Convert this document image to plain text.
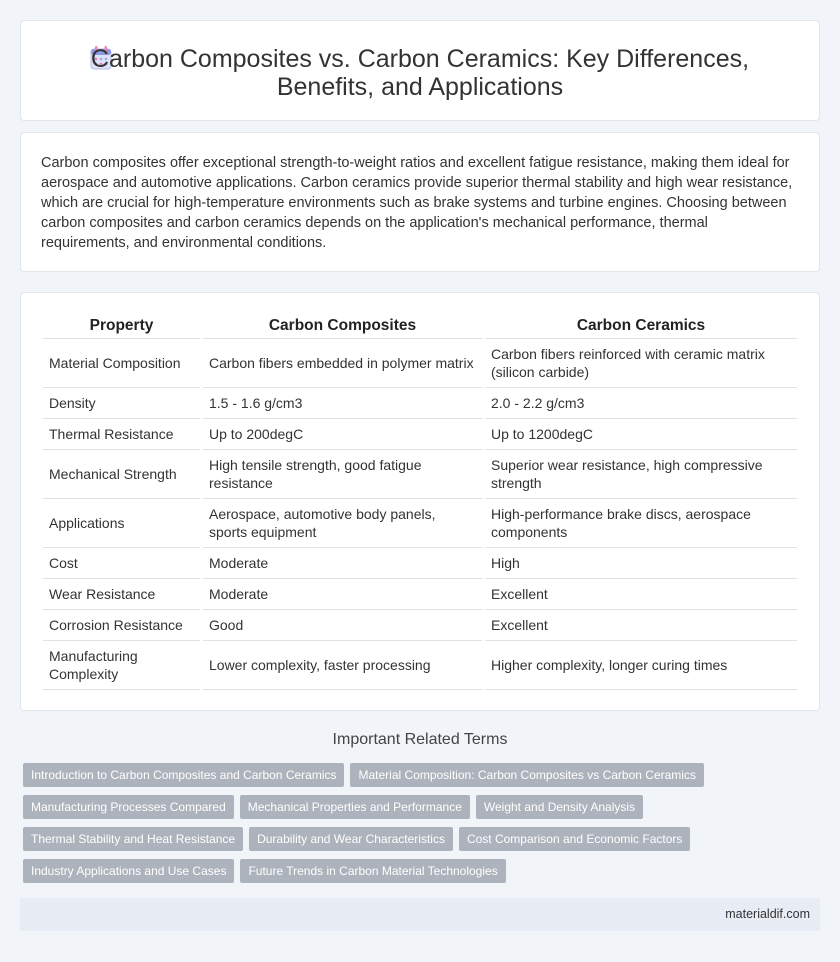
Carbon Composites vs. Carbon Ceramics: Key Differences,
Benefits, and Applications

Carbon composites offer exceptional strength-to-weight ratios and excellent fatigue resistance, making them ideal for aerospace and automotive applications. Carbon ceramics provide superior thermal stability and high wear resistance, which are crucial for high-temperature environments such as brake systems and turbine engines. Choosing between carbon composites and carbon ceramics depends on the application's mechanical performance, thermal requirements, and environmental conditions.

Property	Carbon Composites	Carbon Ceramics
Material Composition	Carbon fibers embedded in polymer matrix	Carbon fibers reinforced with ceramic matrix (silicon carbide)
Density	1.5 - 1.6 g/cm3	2.0 - 2.2 g/cm3
Thermal Resistance	Up to 200degC	Up to 1200degC
Mechanical Strength	High tensile strength, good fatigue resistance	Superior wear resistance, high compressive strength
Applications	Aerospace, automotive body panels, sports equipment	High-performance brake discs, aerospace components
Cost	Moderate	High
Wear Resistance	Moderate	Excellent
Corrosion Resistance	Good	Excellent
Manufacturing Complexity	Lower complexity, faster processing	Higher complexity, longer curing times
Important Related Terms
Introduction to Carbon Composites and Carbon Ceramics	Material Composition: Carbon Composites vs Carbon Ceramics
Manufacturing Processes Compared	Mechanical Properties and Performance	Weight and Density Analysis
Thermal Stability and Heat Resistance	Durability and Wear Characteristics	Cost Comparison and Economic Factors
Industry Applications and Use Cases	Future Trends in Carbon Material Technologies
materialdif.com
